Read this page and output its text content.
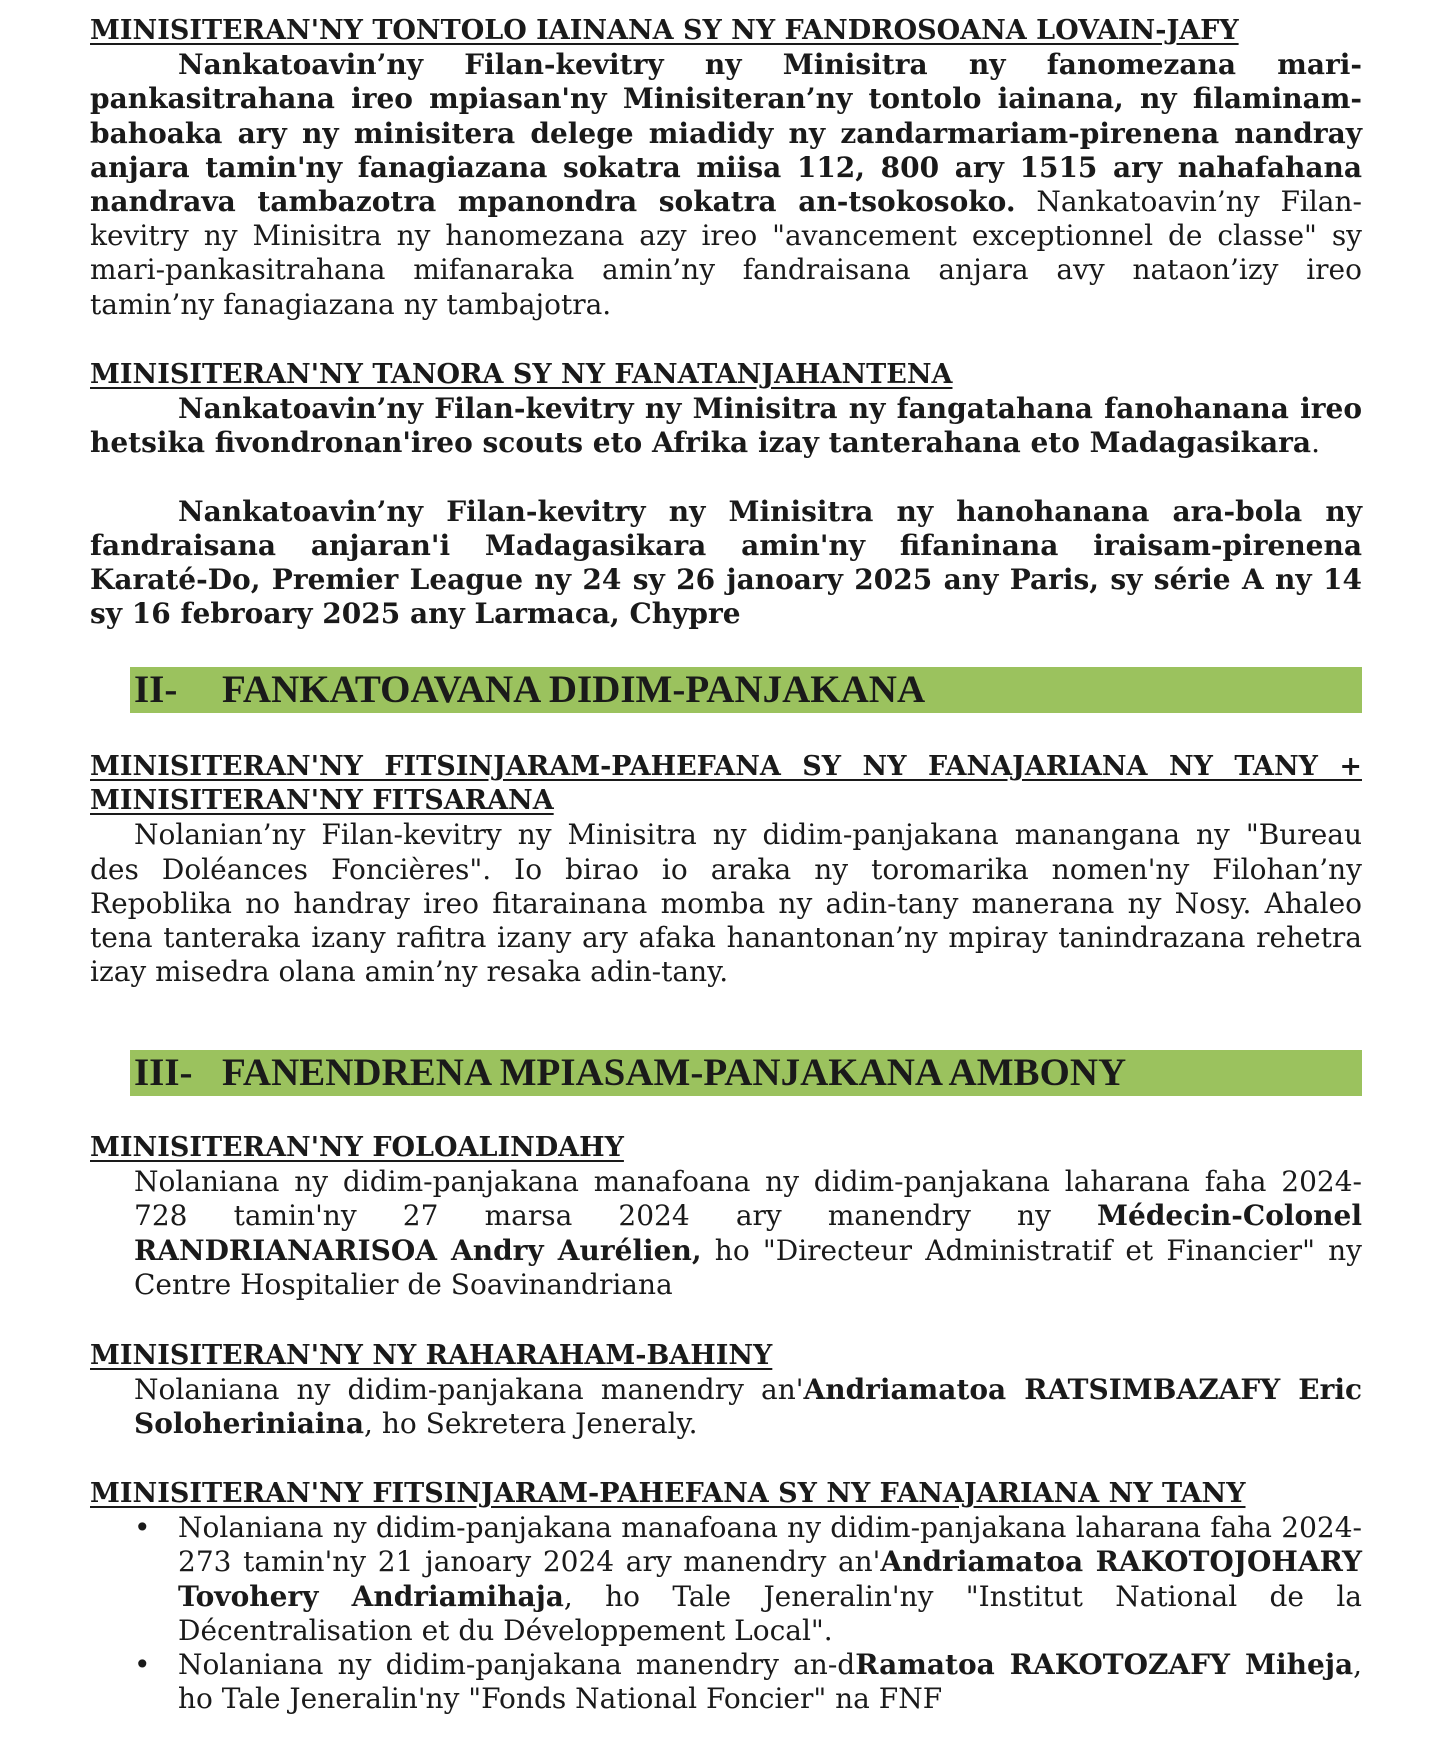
MINISITERAN'NY TONTOLO IAINANA SY NY FANDROSOANA LOVAIN-JAFY
Nankatoavin’ny Filan-kevitry ny Minisitra ny fanomezana mari-pankasitrahana ireo mpiasan'ny Minisiteran’ny tontolo iainana, ny filaminam-bahoaka ary ny minisitera delege miadidy ny zandarmariam-pirenena nandray anjara tamin'ny fanagiazana sokatra miisa 112, 800 ary 1515 ary nahafahana nandrava tambazotra mpanondra sokatra an-tsokosoko. Nankatoavin’ny Filan-kevitry ny Minisitra ny hanomezana azy ireo "avancement exceptionnel de classe" sy mari-pankasitrahana mifanaraka amin’ny fandraisana anjara avy nataon’izy ireo tamin’ny fanagiazana ny tambajotra.
MINISITERAN'NY TANORA SY NY FANATANJAHANTENA
Nankatoavin’ny Filan-kevitry ny Minisitra ny fangatahana fanohanana ireo hetsika fivondronan'ireo scouts eto Afrika izay tanterahana eto Madagasikara.
Nankatoavin’ny Filan-kevitry ny Minisitra ny hanohanana ara-bola ny fandraisana anjaran'i Madagasikara amin'ny fifaninana iraisam-pirenena Karaté-Do, Premier League ny 24 sy 26 janoary 2025 any Paris, sy série A ny 14 sy 16 febroary 2025 any Larmaca, Chypre
II- FANKATOAVANA DIDIM-PANJAKANA
MINISITERAN'NY FITSINJARAM-PAHEFANA SY NY FANAJARIANA NY TANY +
MINISITERAN'NY FITSARANA
Nolanian’ny Filan-kevitry ny Minisitra ny didim-panjakana manangana ny "Bureau des Doléances Foncières". Io birao io araka ny toromarika nomen'ny Filohan’ny Repoblika no handray ireo fitarainana momba ny adin-tany manerana ny Nosy. Ahaleo tena tanteraka izany rafitra izany ary afaka hanantonan’ny mpiray tanindrazana rehetra izay misedra olana amin’ny resaka adin-tany.
III- FANENDRENA MPIASAM-PANJAKANA AMBONY
MINISITERAN'NY FOLOALINDAHY
Nolaniana ny didim-panjakana manafoana ny didim-panjakana laharana faha 2024-728 tamin'ny 27 marsa 2024 ary manendry ny Médecin-Colonel RANDRIANARISOA Andry Aurélien, ho "Directeur Administratif et Financier" ny Centre Hospitalier de Soavinandriana
MINISITERAN'NY NY RAHARAHAM-BAHINY
Nolaniana ny didim-panjakana manendry an'Andriamatoa RATSIMBAZAFY Eric Soloheriniaina, ho Sekretera Jeneraly.
MINISITERAN'NY FITSINJARAM-PAHEFANA SY NY FANAJARIANA NY TANY
• Nolaniana ny didim-panjakana manafoana ny didim-panjakana laharana faha 2024-273 tamin'ny 21 janoary 2024 ary manendry an'Andriamatoa RAKOTOJOHARY Tovohery Andriamihaja, ho Tale Jeneralin'ny "Institut National de la Décentralisation et du Développement Local".
• Nolaniana ny didim-panjakana manendry an-dRamatoa RAKOTOZAFY Miheja, ho Tale Jeneralin'ny "Fonds National Foncier" na FNF
